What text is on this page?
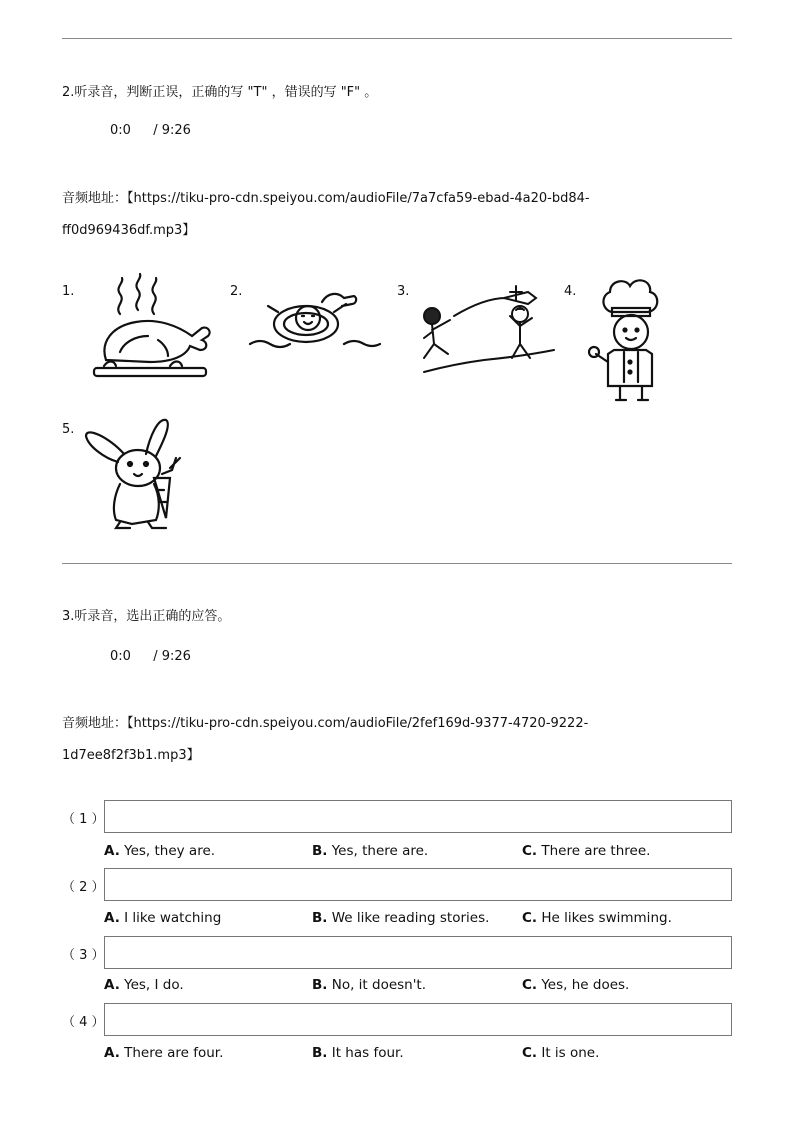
2.听录音，判断正误，正确的写 "T" ，错误的写 "F" 。
0:0 / 9:26
音频地址：【https://tiku-pro-cdn.speiyou.com/audioFile/7a7cfa59-ebad-4a20-bd84-
ff0d969436df.mp3】
1.	2.	3.	4.
5.
3.听录音，选出正确的应答。
0:0 / 9:26
音频地址：【https://tiku-pro-cdn.speiyou.com/audioFile/2fef169d-9377-4720-9222-
1d7ee8f2f3b1.mp3】
（ 1 ）
A. Yes, they are.	B. Yes, there are.	C. There are three.
（ 2 ）
A. I like watching	B. We like reading stories. C. He likes swimming.
（ 3 ）
A. Yes, I do.	B. No, it doesn't.	C. Yes, he does.
（ 4 ）
A. There are four.	B. It has four.	C. It is one.
